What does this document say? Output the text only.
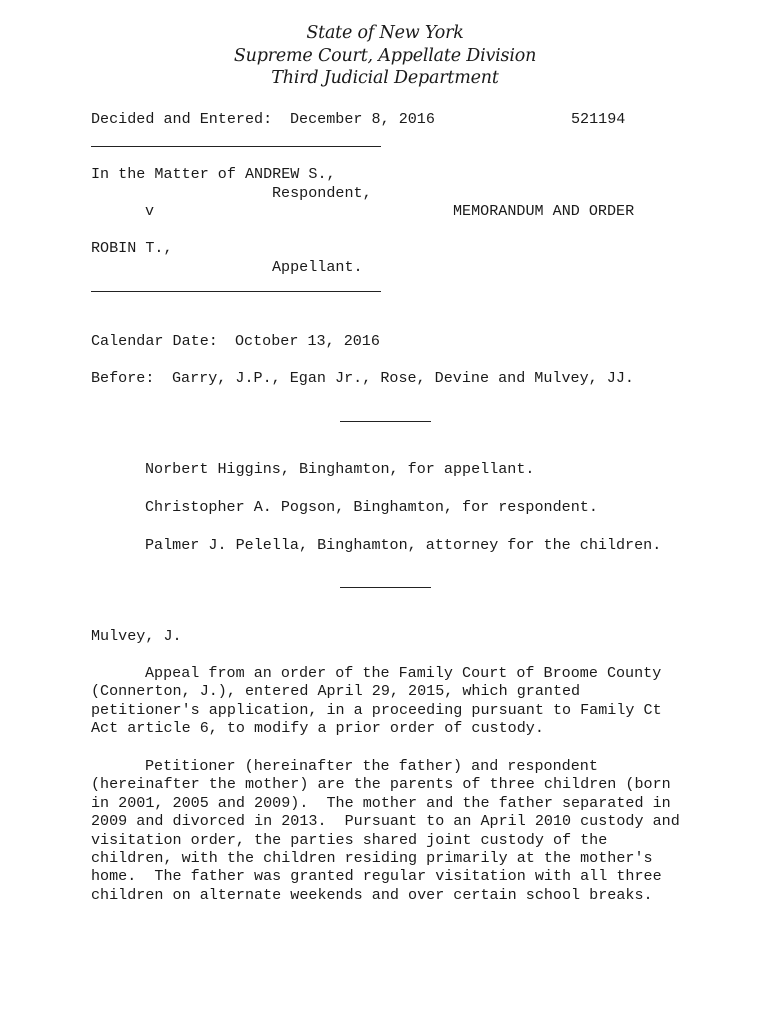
State of New York
Supreme Court, Appellate Division
Third Judicial Department
Decided and Entered: December 8, 2016	521194
In the Matter of ANDREW S.,
Respondent,
v	MEMORANDUM AND ORDER
ROBIN T.,
Appellant.
Calendar Date: October 13, 2016
Before: Garry, J.P., Egan Jr., Rose, Devine and Mulvey, JJ.
Norbert Higgins, Binghamton, for appellant.
Christopher A. Pogson, Binghamton, for respondent.
Palmer J. Pelella, Binghamton, attorney for the children.
Mulvey, J.
Appeal from an order of the Family Court of Broome County
(Connerton, J.), entered April 29, 2015, which granted
petitioner's application, in a proceeding pursuant to Family Ct
Act article 6, to modify a prior order of custody.
Petitioner (hereinafter the father) and respondent
(hereinafter the mother) are the parents of three children (born
in 2001, 2005 and 2009).  The mother and the father separated in
2009 and divorced in 2013.  Pursuant to an April 2010 custody and
visitation order, the parties shared joint custody of the
children, with the children residing primarily at the mother's
home.  The father was granted regular visitation with all three
children on alternate weekends and over certain school breaks.
